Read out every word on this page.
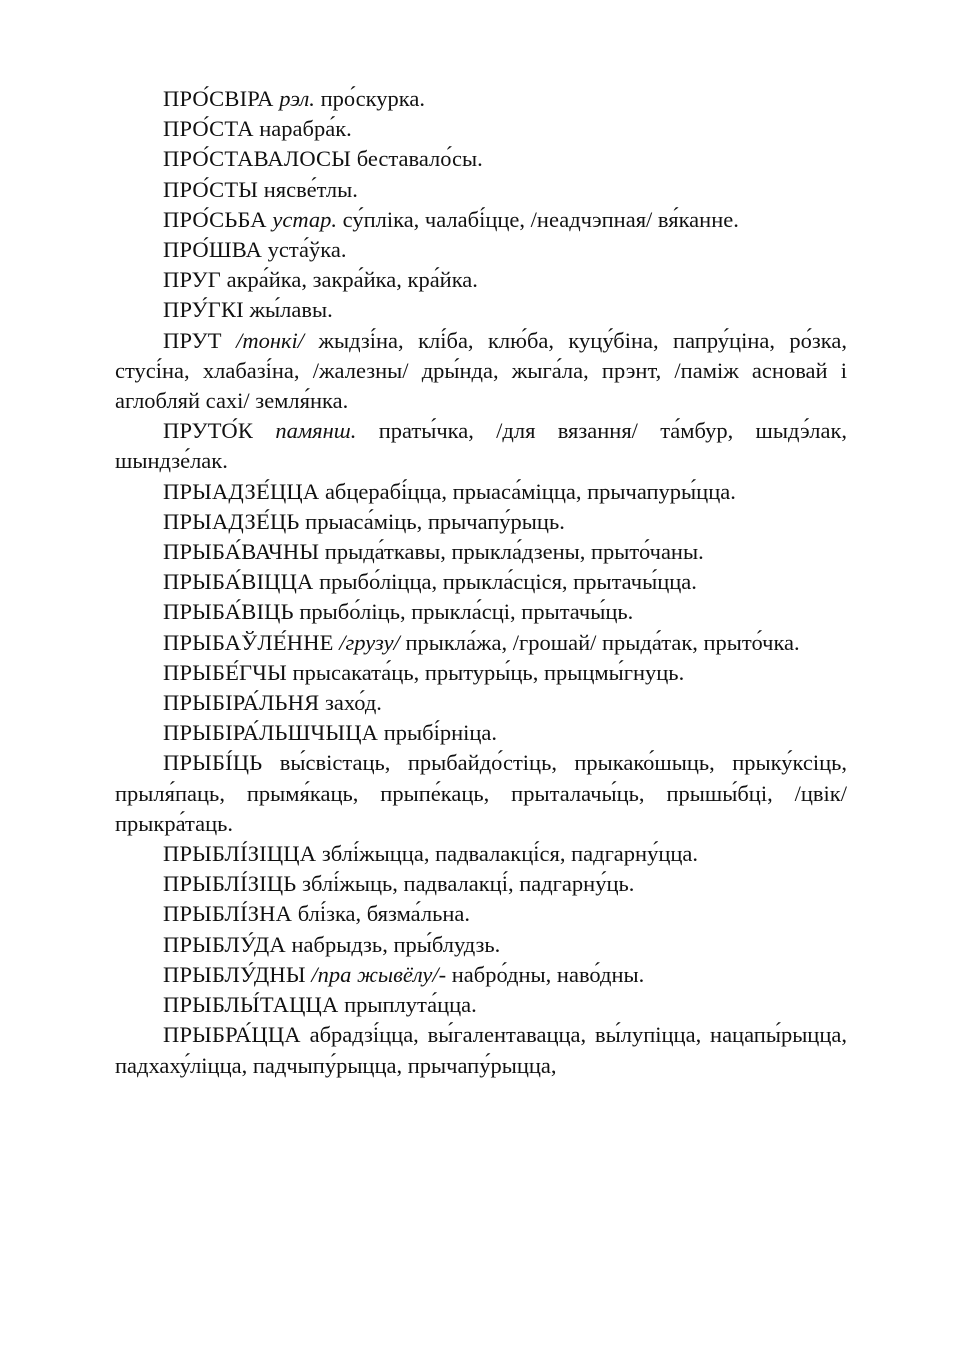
ПРО́СВІРА рэл. про́скурка.

ПРО́СТА нарабра́к.

ПРО́СТАВАЛОСЫ беставало́сы.

ПРО́СТЫ нясве́тлы.

ПРО́СЬБА устар. су́пліка, чалабі́цце, /неадчэпная/ вя́канне.

ПРО́ШВА уста́ўка.

ПРУГ акра́йка, закра́йка, кра́йка.

ПРУ́ГКІ жы́лавы.

ПРУТ /тонкі/ жыдзі́на, клі́ба, клю́ба, куцу́біна, папру́ціна, ро́зка, стусі́на, хлабазі́на, /жалезны/ дры́нда, жыга́ла, прэнт, /паміж асновай і аглобляй сахі/ земля́нка.

ПРУТО́К памянш. праты́чка, /для вязання/ та́мбур, шыдэ́лак, шындзе́лак.

ПРЫАДЗЕ́ЦЦА абцерабі́цца, прыаса́міцца, прычапуры́цца.

ПРЫАДЗЕ́ЦЬ прыаса́міць, прычапу́рыць.

ПРЫБА́ВАЧНЫ прыда́ткавы, прыкла́дзены, прыто́чаны.

ПРЫБА́ВІЦЦА прыбо́ліцца, прыкла́сціся, прытачы́цца.

ПРЫБА́ВІЦЬ прыбо́ліць, прыкла́сці, прытачы́ць.

ПРЫБАЎЛЕ́ННЕ /грузу/ прыкла́жа, /грошай/ прыда́так, прыто́чка.

ПРЫБЕ́ГЧЫ прысаката́ць, прытуры́ць, прыцмы́гнуць.

ПРЫБІРА́ЛЬНЯ захо́д.

ПРЫБІРА́ЛЬШЧЫЦА прыбі́рніца.

ПРЫБІ́ЦЬ вы́свістаць, прыбайдо́стіць, прыкако́шыць, прыку́ксіць, прыля́паць, прымя́каць, прыпе́каць, прыталачы́ць, прышы́бці, /цвік/ прыкра́таць.

ПРЫБЛІ́ЗІЦЦА зблі́жыцца, падвалакці́ся, падгарну́цца.

ПРЫБЛІ́ЗІЦЬ зблі́жыць, падвалакці́, падгарну́ць.

ПРЫБЛІ́ЗНА блі́зка, бязма́льна.

ПРЫБЛУ́ДА набрыдзь, пры́блудзь.

ПРЫБЛУ́ДНЫ /пра жывёлу/- набро́дны, наво́дны.

ПРЫБЛЫ́ТАЦЦА прыплута́цца.

ПРЫБРА́ЦЦА абрадзі́цца, вы́галентавацца, вы́лупіцца, нацапы́рыцца, падхаху́ліцца, падчыпу́рыцца, прычапу́рыцца,
